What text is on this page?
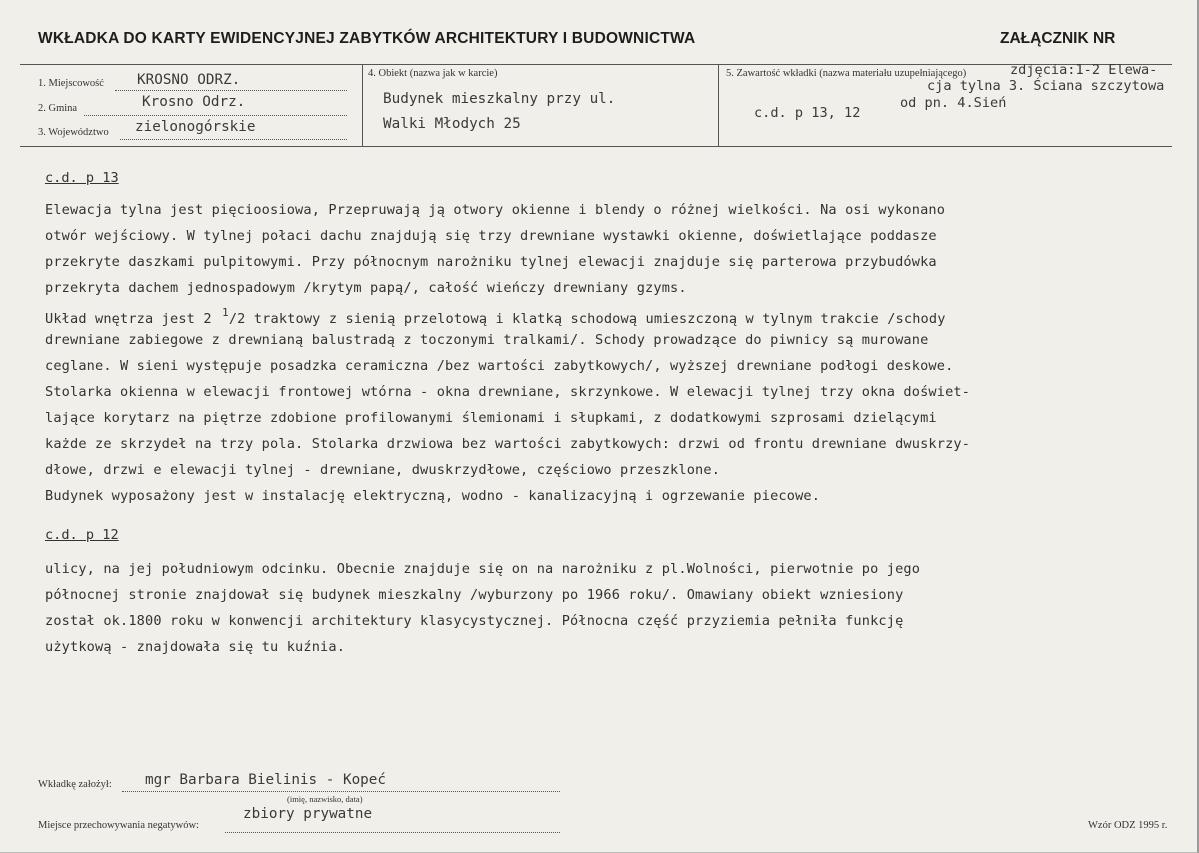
WKŁADKA DO KARTY EWIDENCYJNEJ ZABYTKÓW ARCHITEKTURY I BUDOWNICTWA	ZAŁĄCZNIK NR
1. Miejscowość KROSNO ODRZ.
2. Gmina	Krosno Odrz.
3. Województwo zielonogórskie
4. Obiekt (nazwa jak w karcie)
Budynek mieszkalny przy ul.
Walki Młodych 25
5. Zawartość wkładki (nazwa materiału uzupełniającego)	zdjęcia:1-2 Elewa-
cja tylna 3. Ściana szczytowa
od pn. 4.Sień
c.d. p 13, 12
c.d. p 13
Elewacja tylna jest pięcioosiowa, Przepruwają ją otwory okienne i blendy o różnej wielkości. Na osi wykonano
otwór wejściowy. W tylnej połaci dachu znajdują się trzy drewniane wystawki okienne, doświetlające poddasze
przekryte daszkami pulpitowymi. Przy północnym narożniku tylnej elewacji znajduje się parterowa przybudówka
przekryta dachem jednospadowym /krytym papą/, całość wieńczy drewniany gzyms.
Układ wnętrza jest 2 $^1$/2 traktowy z sienią przelotową i klatką schodową umieszczoną w tylnym trakcie /schody
drewniane zabiegowe z drewnianą balustradą z toczonymi tralkami/. Schody prowadzące do piwnicy są murowane
ceglane. W sieni występuje posadzka ceramiczna /bez wartości zabytkowych/, wyższej drewniane podłogi deskowe.
Stolarka okienna w elewacji frontowej wtórna - okna drewniane, skrzynkowe. W elewacji tylnej trzy okna doświet-
lające korytarz na piętrze zdobione profilowanymi ślemionami i słupkami, z dodatkowymi szprosami dzielącymi
każde ze skrzydeł na trzy pola. Stolarka drzwiowa bez wartości zabytkowych: drzwi od frontu drewniane dwuskrzy-
dłowe, drzwi e elewacji tylnej - drewniane, dwuskrzydłowe, częściowo przeszklone.
Budynek wyposażony jest w instalację elektryczną, wodno - kanalizacyjną i ogrzewanie piecowe.
c.d. p 12
ulicy, na jej południowym odcinku. Obecnie znajduje się on na narożniku z pl.Wolności, pierwotnie po jego
północnej stronie znajdował się budynek mieszkalny /wyburzony po 1966 roku/. Omawiany obiekt wzniesiony
został ok.1800 roku w konwencji architektury klasycystycznej. Północna część przyziemia pełniła funkcję
użytkową - znajdowała się tu kuźnia.
Wkładkę założył: mgr Barbara Bielinis - Kopeć
(imię, nazwisko, data)
Miejsce przechowywania negatywów:
zbiory prywatne
Wzór ODZ 1995 r.
